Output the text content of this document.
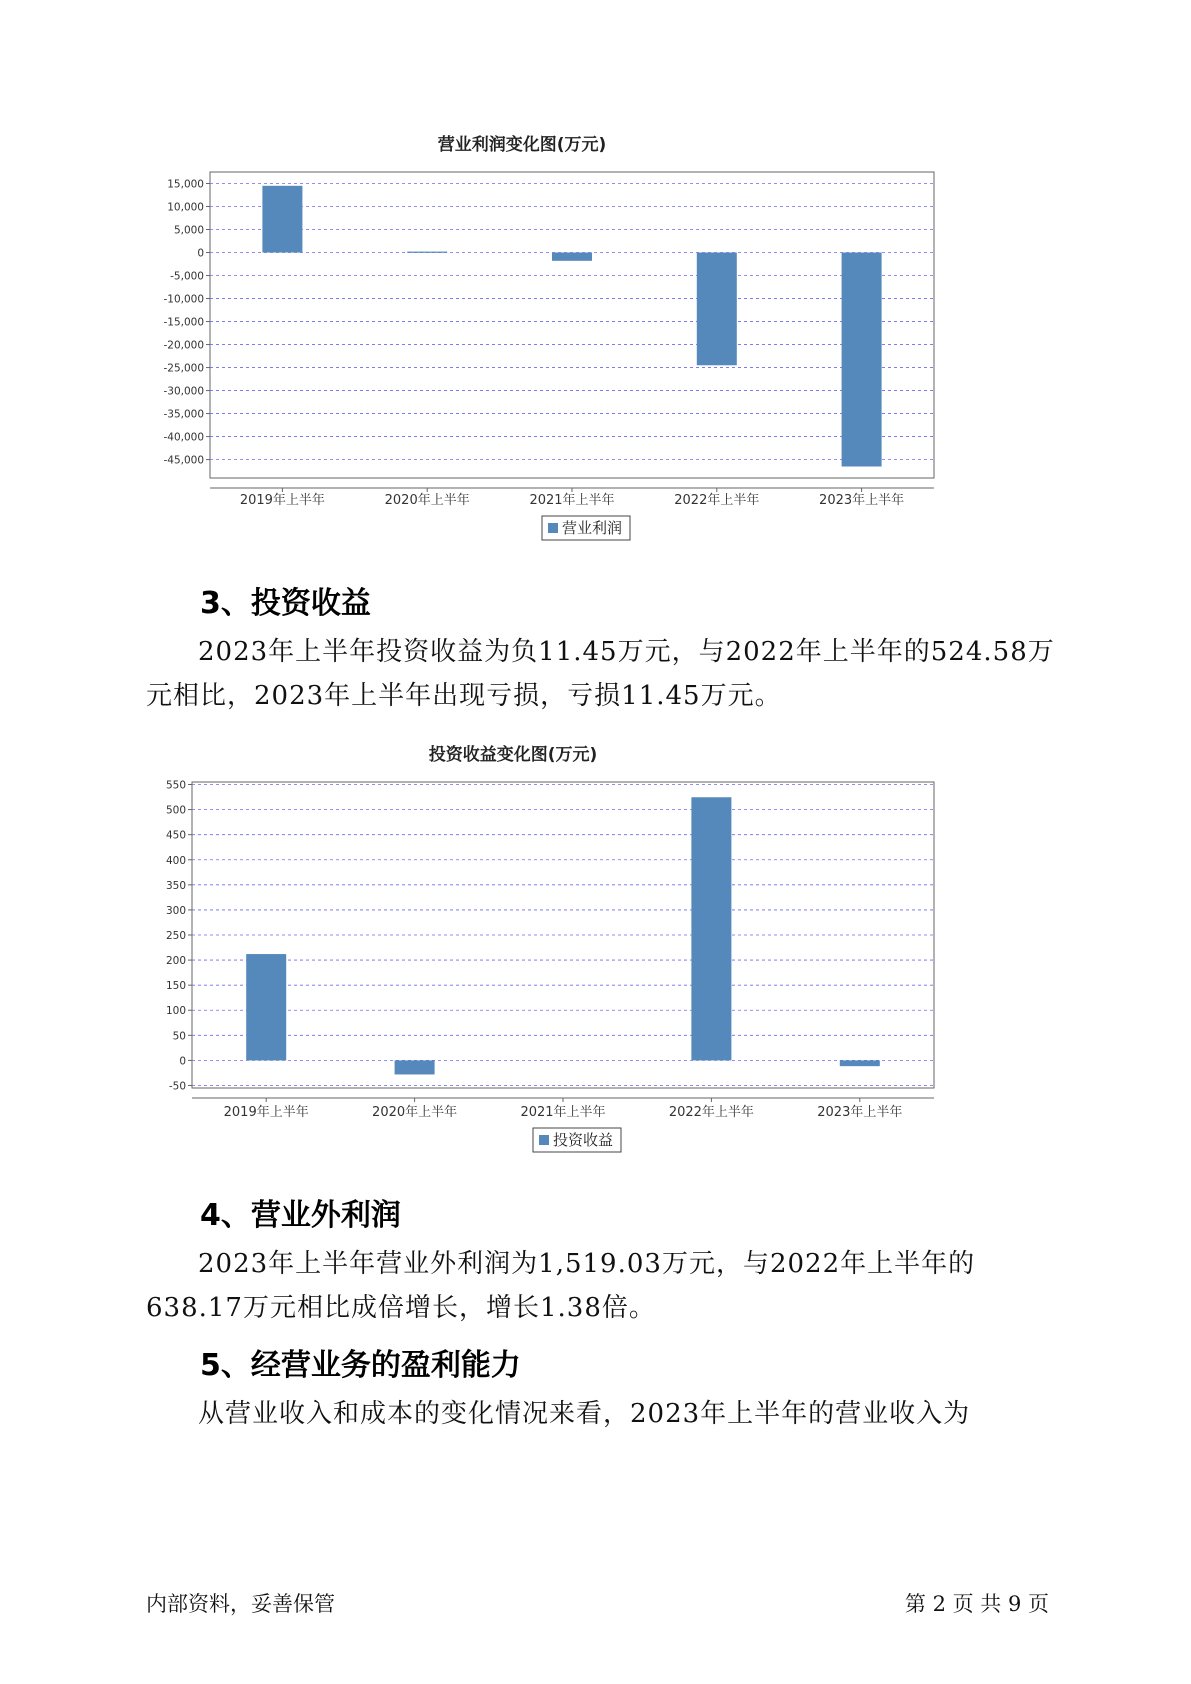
营业利润变化图(万元)
15,000
10,000
5,000
0
-5,000
-10,000
-15,000
-20,000
-25,000
-30,000
-35,000
-40,000
-45,000
2019年上半年	2020年上半年	2021年上半年	2022年上半年	2023年上半年
营业利润
3、投资收益

2023年上半年投资收益为负11.45万元，与2022年上半年的524.58万元相比，2023年上半年出现亏损，亏损11.45万元。

投资收益变化图(万元)
550
500
450
400
350
300
250
200
150
100
50
0
-50
2019年上半年	2020年上半年	2021年上半年	2022年上半年	2023年上半年
投资收益
4、营业外利润

2023年上半年营业外利润为1,519.03万元，与2022年上半年的638.17万元相比成倍增长，增长1.38倍。

5、经营业务的盈利能力

从营业收入和成本的变化情况来看，2023年上半年的营业收入为

内部资料，妥善保管	第 2 页 共 9 页
